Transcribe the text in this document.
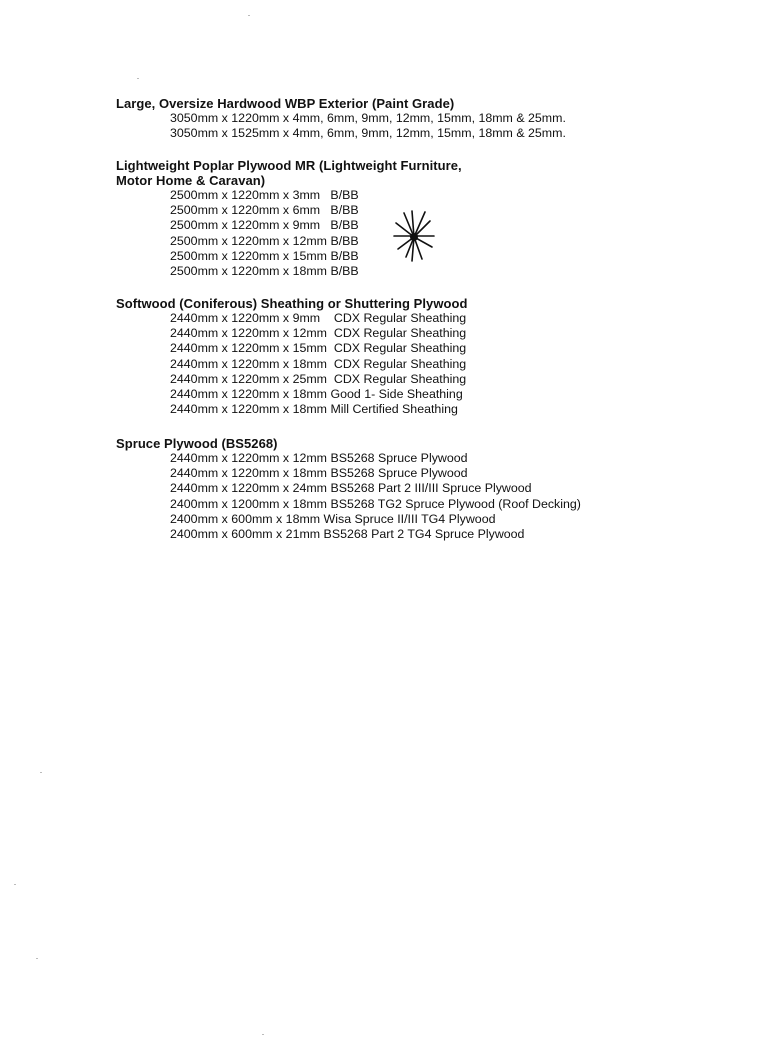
Large, Oversize Hardwood WBP Exterior (Paint Grade)

3050mm x 1220mm x 4mm, 6mm, 9mm, 12mm, 15mm, 18mm & 25mm.
3050mm x 1525mm x 4mm, 6mm, 9mm, 12mm, 15mm, 18mm & 25mm.

Lightweight Poplar Plywood MR (Lightweight Furniture,
Motor Home & Caravan)

2500mm x 1220mm x 3mm   B/BB
2500mm x 1220mm x 6mm   B/BB
2500mm x 1220mm x 9mm   B/BB
2500mm x 1220mm x 12mm B/BB
2500mm x 1220mm x 15mm B/BB
2500mm x 1220mm x 18mm B/BB

Softwood (Coniferous) Sheathing or Shuttering Plywood

2440mm x 1220mm x 9mm    CDX Regular Sheathing
2440mm x 1220mm x 12mm  CDX Regular Sheathing
2440mm x 1220mm x 15mm  CDX Regular Sheathing
2440mm x 1220mm x 18mm  CDX Regular Sheathing
2440mm x 1220mm x 25mm  CDX Regular Sheathing
2440mm x 1220mm x 18mm Good 1- Side Sheathing
2440mm x 1220mm x 18mm Mill Certified Sheathing

Spruce Plywood (BS5268)

2440mm x 1220mm x 12mm BS5268 Spruce Plywood
2440mm x 1220mm x 18mm BS5268 Spruce Plywood
2440mm x 1220mm x 24mm BS5268 Part 2 III/III Spruce Plywood
2400mm x 1200mm x 18mm BS5268 TG2 Spruce Plywood (Roof Decking)
2400mm x 600mm x 18mm Wisa Spruce II/III TG4 Plywood
2400mm x 600mm x 21mm BS5268 Part 2 TG4 Spruce Plywood
